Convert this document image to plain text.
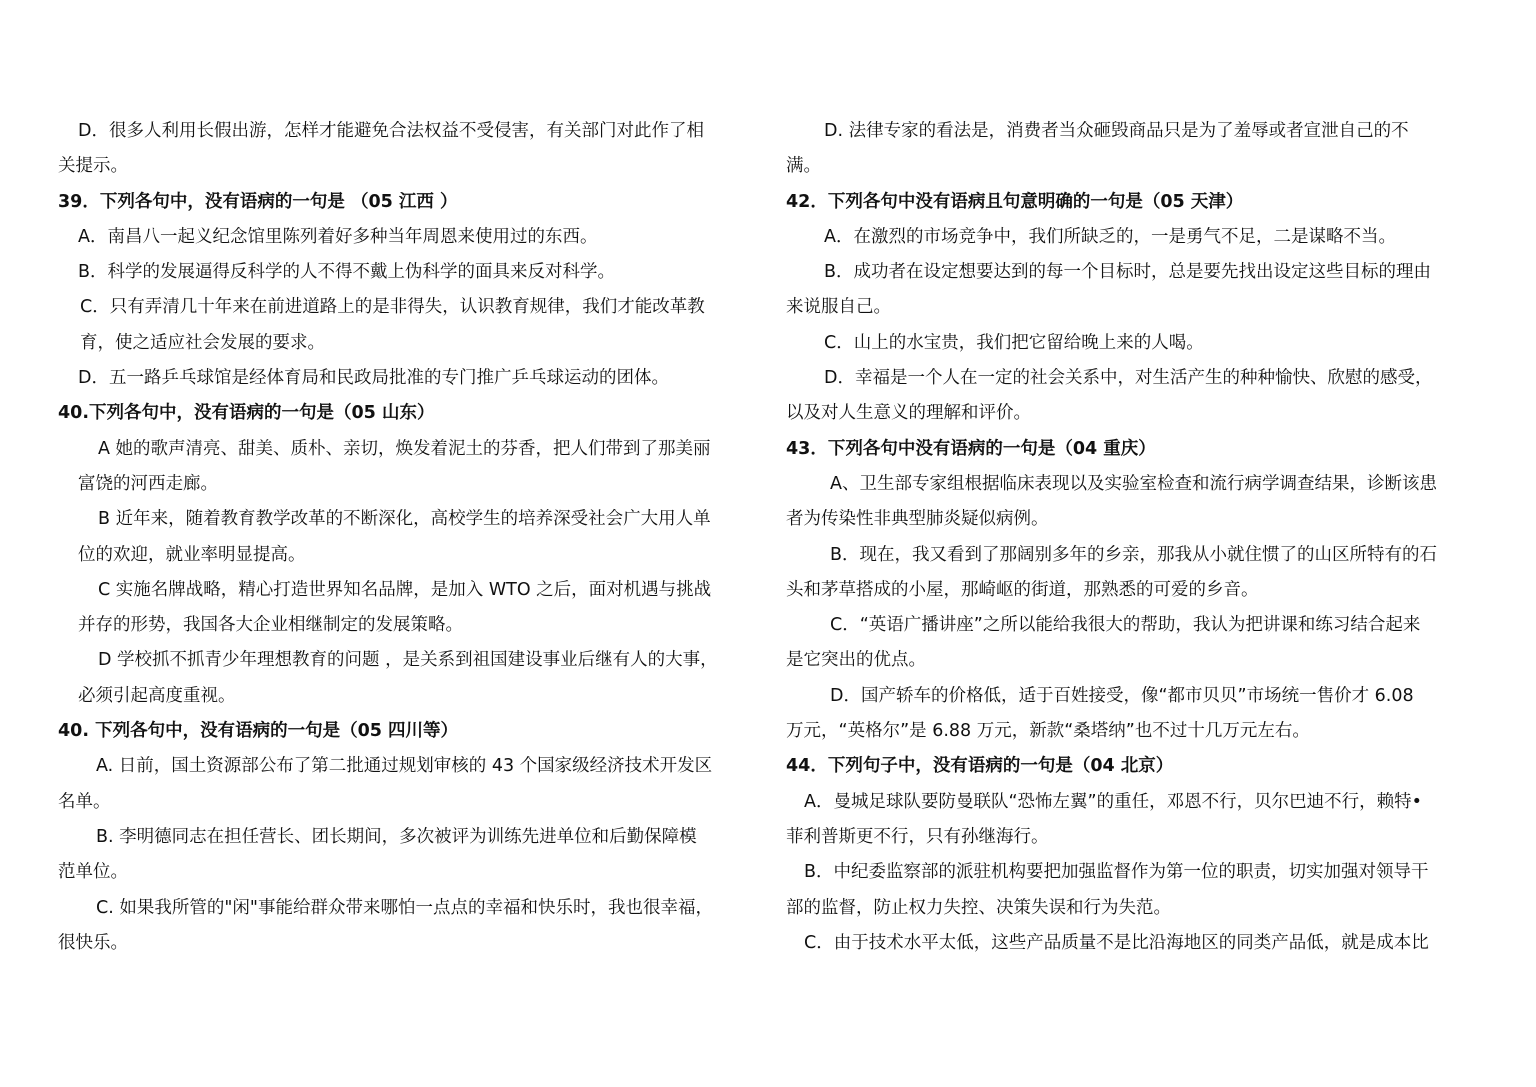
D．很多人利用长假出游，怎样才能避免合法权益不受侵害，有关部门对此作了相
关提示。
39．下列各句中，没有语病的一句是 （05 江西 ）
A．南昌八一起义纪念馆里陈列着好多种当年周恩来使用过的东西。
B．科学的发展逼得反科学的人不得不戴上伪科学的面具来反对科学。
C．只有弄清几十年来在前进道路上的是非得失，认识教育规律，我们才能改革教
育，使之适应社会发展的要求。
D．五一路乒乓球馆是经体育局和民政局批准的专门推广乒乓球运动的团体。
40.下列各句中，没有语病的一句是（05 山东）
A 她的歌声清亮、甜美、质朴、亲切，焕发着泥土的芬香，把人们带到了那美丽
富饶的河西走廊。
B 近年来，随着教育教学改革的不断深化，高校学生的培养深受社会广大用人单
位的欢迎，就业率明显提高。
C 实施名牌战略，精心打造世界知名品牌，是加入 WTO 之后，面对机遇与挑战
并存的形势，我国各大企业相继制定的发展策略。
D 学校抓不抓青少年理想教育的问题 ，是关系到祖国建设事业后继有人的大事，
必须引起高度重视。
40. 下列各句中，没有语病的一句是（05 四川等）
A. 日前，国土资源部公布了第二批通过规划审核的 43 个国家级经济技术开发区
名单。
B. 李明德同志在担任营长、团长期间，多次被评为训练先进单位和后勤保障模
范单位。
C. 如果我所管的"闲"事能给群众带来哪怕一点点的幸福和快乐时，我也很幸福，
很快乐。
D. 法律专家的看法是，消费者当众砸毁商品只是为了羞辱或者宣泄自己的不
满。
42．下列各句中没有语病且句意明确的一句是（05 天津）
A．在激烈的市场竞争中，我们所缺乏的，一是勇气不足，二是谋略不当。
B．成功者在设定想要达到的每一个目标时，总是要先找出设定这些目标的理由
来说服自己。
C．山上的水宝贵，我们把它留给晚上来的人喝。
D．幸福是一个人在一定的社会关系中，对生活产生的种种愉快、欣慰的感受，
以及对人生意义的理解和评价。
43．下列各句中没有语病的一句是（04 重庆）
A、卫生部专家组根据临床表现以及实验室检查和流行病学调查结果，诊断该患
者为传染性非典型肺炎疑似病例。
B．现在，我又看到了那阔别多年的乡亲，那我从小就住惯了的山区所特有的石
头和茅草搭成的小屋，那崎岖的街道，那熟悉的可爱的乡音。
C．“英语广播讲座”之所以能给我很大的帮助，我认为把讲课和练习结合起来
是它突出的优点。
D．国产轿车的价格低，适于百姓接受，像“都市贝贝”市场统一售价才 6.08
万元，“英格尔”是 6.88 万元，新款“桑塔纳”也不过十几万元左右。
44．下列句子中，没有语病的一句是（04 北京）
A．曼城足球队要防曼联队“恐怖左翼”的重任，邓恩不行，贝尔巴迪不行，赖特•
菲利普斯更不行，只有孙继海行。
B．中纪委监察部的派驻机构要把加强监督作为第一位的职责，切实加强对领导干
部的监督，防止权力失控、决策失误和行为失范。
C．由于技术水平太低，这些产品质量不是比沿海地区的同类产品低，就是成本比
